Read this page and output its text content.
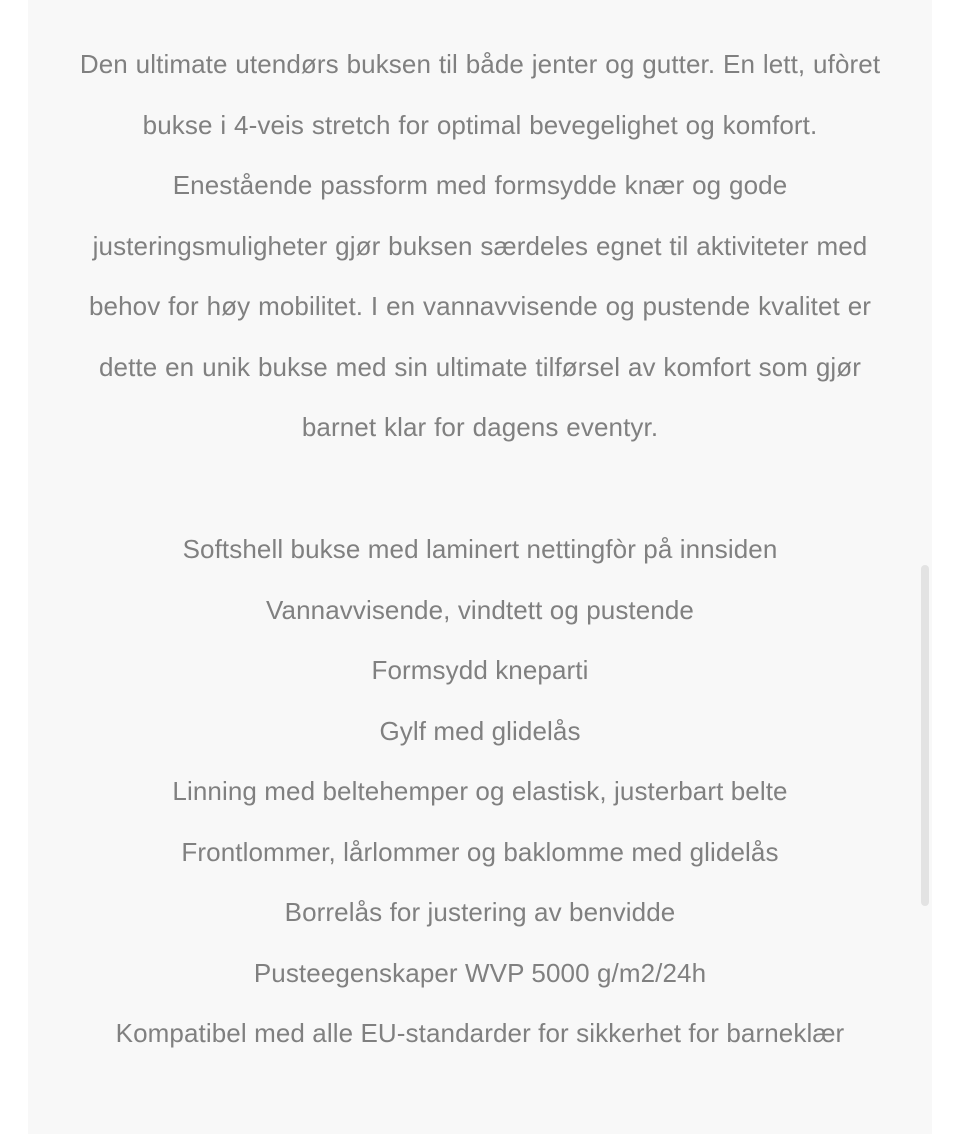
Den ultimate utendørs buksen til både jenter og gutter. En lett, ufòret bukse i 4-veis stretch for optimal bevegelighet og komfort. Enestående passform med formsydde knær og gode justeringsmuligheter gjør buksen særdeles egnet til aktiviteter med behov for høy mobilitet. I en vannavvisende og pustende kvalitet er dette en unik bukse med sin ultimate tilførsel av komfort som gjør barnet klar for dagens eventyr.

Softshell bukse med laminert nettingfòr på innsiden
Vannavvisende, vindtett og pustende
Formsydd kneparti
Gylf med glidelås
Linning med beltehemper og elastisk, justerbart belte
Frontlommer, lårlommer og baklomme med glidelås
Borrelås for justering av benvidde
Pusteegenskaper WVP 5000 g/m2/24h
Kompatibel med alle EU-standarder for sikkerhet for barneklær
